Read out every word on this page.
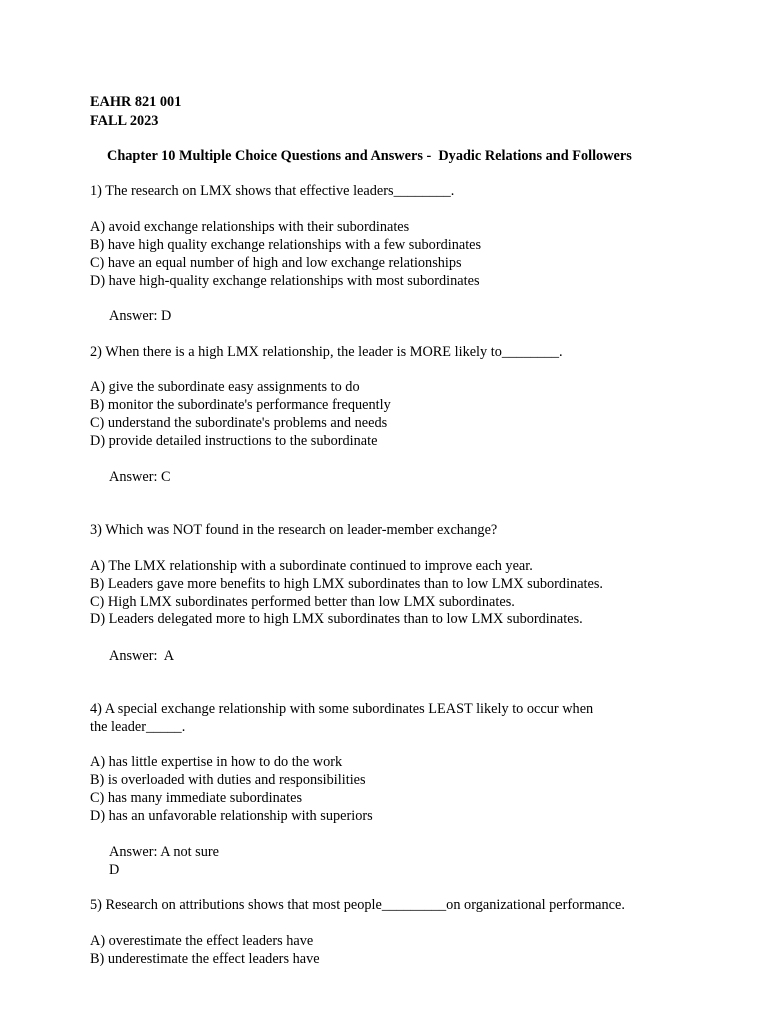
EAHR 821 001
FALL 2023
Chapter 10 Multiple Choice Questions and Answers -  Dyadic Relations and Followers
1) The research on LMX shows that effective leaders________.
A) avoid exchange relationships with their subordinates
B) have high quality exchange relationships with a few subordinates
C) have an equal number of high and low exchange relationships
D) have high-quality exchange relationships with most subordinates
Answer: D
2) When there is a high LMX relationship, the leader is MORE likely to________.
A) give the subordinate easy assignments to do
B) monitor the subordinate's performance frequently
C) understand the subordinate's problems and needs
D) provide detailed instructions to the subordinate
Answer: C
3) Which was NOT found in the research on leader-member exchange?
A) The LMX relationship with a subordinate continued to improve each year.
B) Leaders gave more benefits to high LMX subordinates than to low LMX subordinates.
C) High LMX subordinates performed better than low LMX subordinates.
D) Leaders delegated more to high LMX subordinates than to low LMX subordinates.
Answer:  A
4) A special exchange relationship with some subordinates LEAST likely to occur when
the leader_____.
A) has little expertise in how to do the work
B) is overloaded with duties and responsibilities
C) has many immediate subordinates
D) has an unfavorable relationship with superiors
Answer: A not sure
D
5) Research on attributions shows that most people_________on organizational performance.
A) overestimate the effect leaders have
B) underestimate the effect leaders have
